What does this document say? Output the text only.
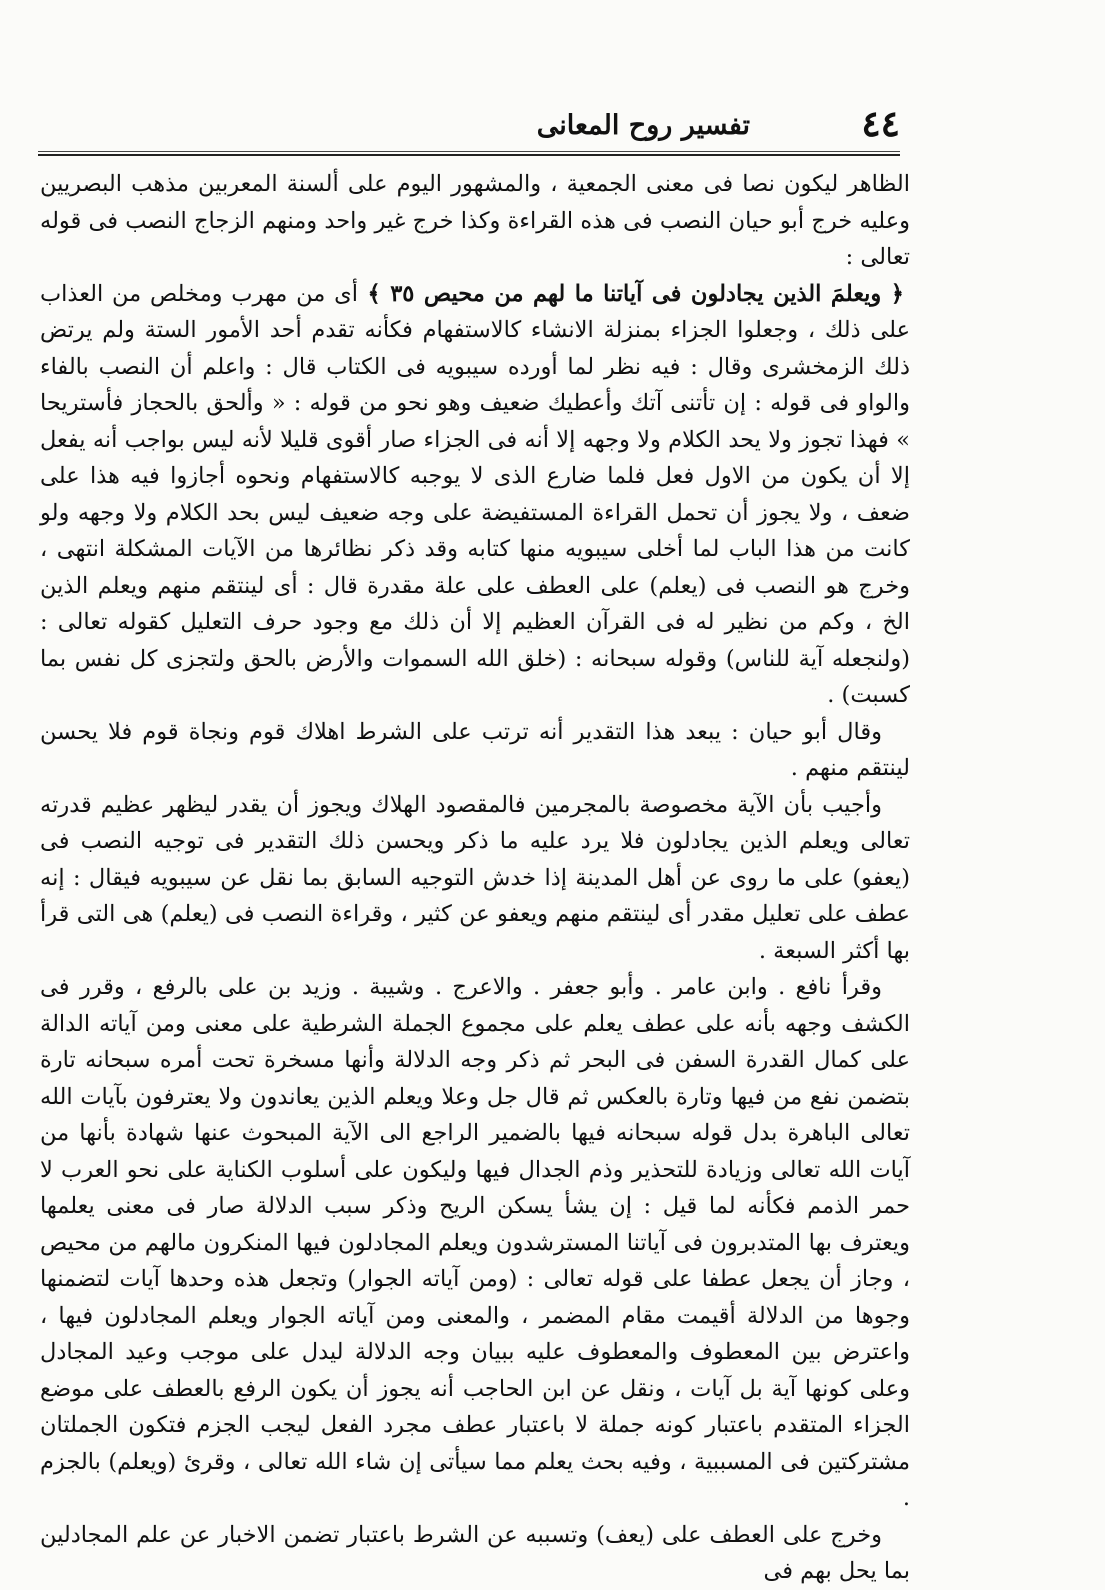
٤٤
تفسير روح المعانى

الظاهر ليكون نصا فى معنى الجمعية ، والمشهور اليوم على ألسنة المعربين مذهب البصريين وعليه خرج أبو حيان النصب فى هذه القراءة وكذا خرج غير واحد ومنهم الزجاج النصب فى قوله تعالى :

﴿ ويعلمَ الذين يجادلون فى آياتنا ما لهم من محيص ٣٥ ﴾ أى من مهرب ومخلص من العذاب على ذلك ، وجعلوا الجزاء بمنزلة الانشاء كالاستفهام فكأنه تقدم أحد الأمور الستة ولم يرتض ذلك الزمخشرى وقال : فيه نظر لما أورده سيبويه فى الكتاب قال : واعلم أن النصب بالفاء والواو فى قوله : إن تأتنى آتك وأعطيك ضعيف وهو نحو من قوله : « وألحق بالحجاز فأستريحا » فهذا تجوز ولا يحد الكلام ولا وجهه إلا أنه فى الجزاء صار أقوى قليلا لأنه ليس بواجب أنه يفعل إلا أن يكون من الاول فعل فلما ضارع الذى لا يوجبه كالاستفهام ونحوه أجازوا فيه هذا على ضعف ، ولا يجوز أن تحمل القراءة المستفيضة على وجه ضعيف ليس بحد الكلام ولا وجهه ولو كانت من هذا الباب لما أخلى سيبويه منها كتابه وقد ذكر نظائرها من الآيات المشكلة انتهى ، وخرج هو النصب فى (يعلم) على العطف على علة مقدرة قال : أى لينتقم منهم ويعلم الذين الخ ، وكم من نظير له فى القرآن العظيم إلا أن ذلك مع وجود حرف التعليل كقوله تعالى : (ولنجعله آية للناس) وقوله سبحانه : (خلق الله السموات والأرض بالحق ولتجزى كل نفس بما كسبت) .

وقال أبو حيان : يبعد هذا التقدير أنه ترتب على الشرط اهلاك قوم ونجاة قوم فلا يحسن لينتقم منهم .

وأجيب بأن الآية مخصوصة بالمجرمين فالمقصود الهلاك ويجوز أن يقدر ليظهر عظيم قدرته تعالى ويعلم الذين يجادلون فلا يرد عليه ما ذكر ويحسن ذلك التقدير فى توجيه النصب فى (يعفو) على ما روى عن أهل المدينة إذا خدش التوجيه السابق بما نقل عن سيبويه فيقال : إنه عطف على تعليل مقدر أى لينتقم منهم ويعفو عن كثير ، وقراءة النصب فى (يعلم) هى التى قرأ بها أكثر السبعة .

وقرأ نافع . وابن عامر . وأبو جعفر . والاعرج . وشيبة . وزيد بن على بالرفع ، وقرر فى الكشف وجهه بأنه على عطف يعلم على مجموع الجملة الشرطية على معنى ومن آياته الدالة على كمال القدرة السفن فى البحر ثم ذكر وجه الدلالة وأنها مسخرة تحت أمره سبحانه تارة بتضمن نفع من فيها وتارة بالعكس ثم قال جل وعلا ويعلم الذين يعاندون ولا يعترفون بآيات الله تعالى الباهرة بدل قوله سبحانه فيها بالضمير الراجع الى الآية المبحوث عنها شهادة بأنها من آيات الله تعالى وزيادة للتحذير وذم الجدال فيها وليكون على أسلوب الكناية على نحو العرب لا حمر الذمم فكأنه لما قيل : إن يشأ يسكن الريح وذكر سبب الدلالة صار فى معنى يعلمها ويعترف بها المتدبرون فى آياتنا المسترشدون ويعلم المجادلون فيها المنكرون مالهم من محيص ، وجاز أن يجعل عطفا على قوله تعالى : (ومن آياته الجوار) وتجعل هذه وحدها آيات لتضمنها وجوها من الدلالة أقيمت مقام المضمر ، والمعنى ومن آياته الجوار ويعلم المجادلون فيها ، واعترض بين المعطوف والمعطوف عليه ببيان وجه الدلالة ليدل على موجب وعيد المجادل وعلى كونها آية بل آيات ، ونقل عن ابن الحاجب أنه يجوز أن يكون الرفع بالعطف على موضع الجزاء المتقدم باعتبار كونه جملة لا باعتبار عطف مجرد الفعل ليجب الجزم فتكون الجملتان مشتركتين فى المسببية ، وفيه بحث يعلم مما سيأتى إن شاء الله تعالى ، وقرئ (ويعلم) بالجزم .

وخرج على العطف على (يعف) وتسببه عن الشرط باعتبار تضمن الاخبار عن علم المجادلين بما يحل بهم فى
